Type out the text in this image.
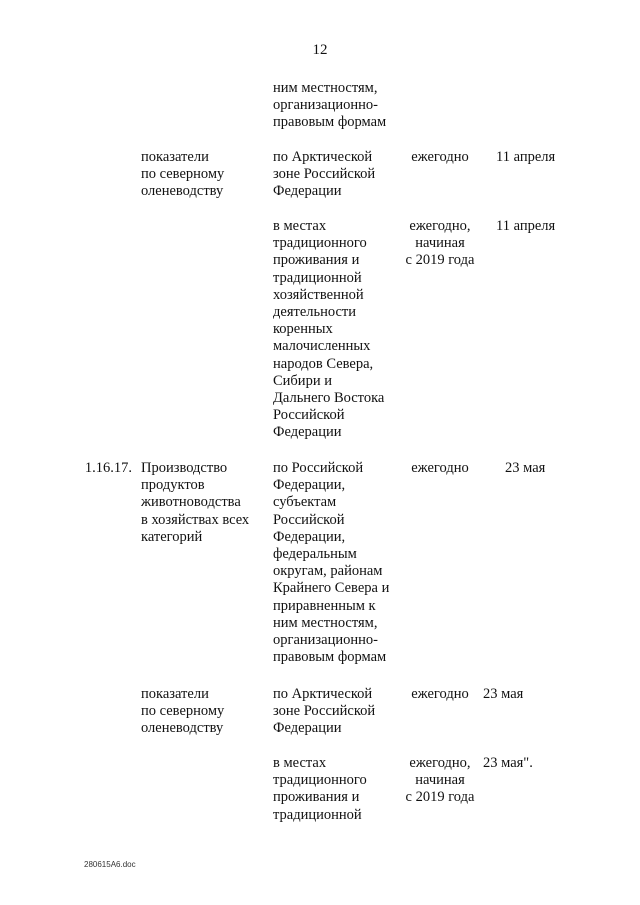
12
ним местностям,
организационно-
правовым формам
показатели
по северному
оленеводству
по Арктической
зоне Российской
Федерации
ежегодно	11 апреля
в местах
традиционного
проживания и
традиционной
хозяйственной
деятельности
коренных
малочисленных
народов Севера,
Сибири и
Дальнего Востока
Российской
Федерации
ежегодно,
начиная
с 2019 года
11 апреля
1.16.17. Производство
продуктов
животноводства
в хозяйствах всех
категорий
по Российской
Федерации,
субъектам
Российской
Федерации,
федеральным
округам, районам
Крайнего Севера и
приравненным к
ним местностям,
организационно-
правовым формам
ежегодно	23 мая
показатели
по северному
оленеводству
по Арктической
зоне Российской
Федерации
ежегодно 23 мая
в местах
традиционного
проживания и
традиционной
ежегодно,
начиная
с 2019 года
23 мая".
280615A6.doc
